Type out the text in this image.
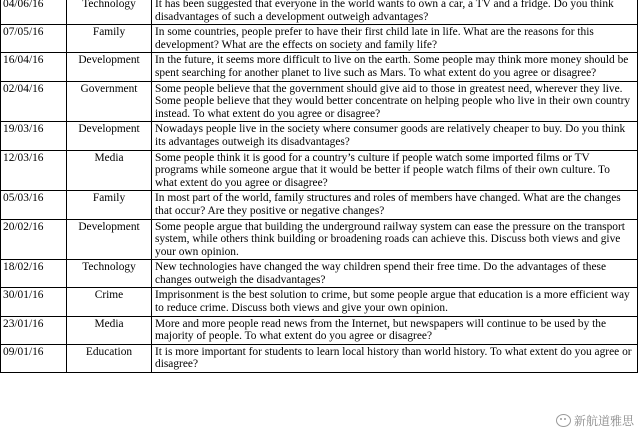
04/06/16	Technology	It has been suggested that everyone in the world wants to own a car, a TV and a fridge. Do you think disadvantages of such a development outweigh advantages?
07/05/16	Family	In some countries, people prefer to have their first child late in life. What are the reasons for this development? What are the effects on society and family life?
16/04/16	Development	In the future, it seems more difficult to live on the earth. Some people may think more money should be spent searching for another planet to live such as Mars. To what extent do you agree or disagree?
02/04/16	Government	Some people believe that the government should give aid to those in greatest need, wherever they live. Some people believe that they would better concentrate on helping people who live in their own country instead. To what extent do you agree or disagree?
19/03/16	Development	Nowadays people live in the society where consumer goods are relatively cheaper to buy. Do you think its advantages outweigh its disadvantages?
12/03/16	Media	Some people think it is good for a country’s culture if people watch some imported films or TV programs while someone argue that it would be better if people watch films of their own culture. To what extent do you agree or disagree?
05/03/16	Family	In most part of the world, family structures and roles of members have changed. What are the changes that occur? Are they positive or negative changes?
20/02/16	Development	Some people argue that building the underground railway system can ease the pressure on the transport system, while others think building or broadening roads can achieve this. Discuss both views and give your own opinion.
18/02/16	Technology	New technologies have changed the way children spend their free time. Do the advantages of these changes outweigh the disadvantages?
30/01/16	Crime	Imprisonment is the best solution to crime, but some people argue that education is a more efficient way to reduce crime. Discuss both views and give your own opinion.
23/01/16	Media	More and more people read news from the Internet, but newspapers will continue to be used by the majority of people. To what extent do you agree or disagree?
09/01/16	Education	It is more important for students to learn local history than world history. To what extent do you agree or disagree?
新航道雅思
